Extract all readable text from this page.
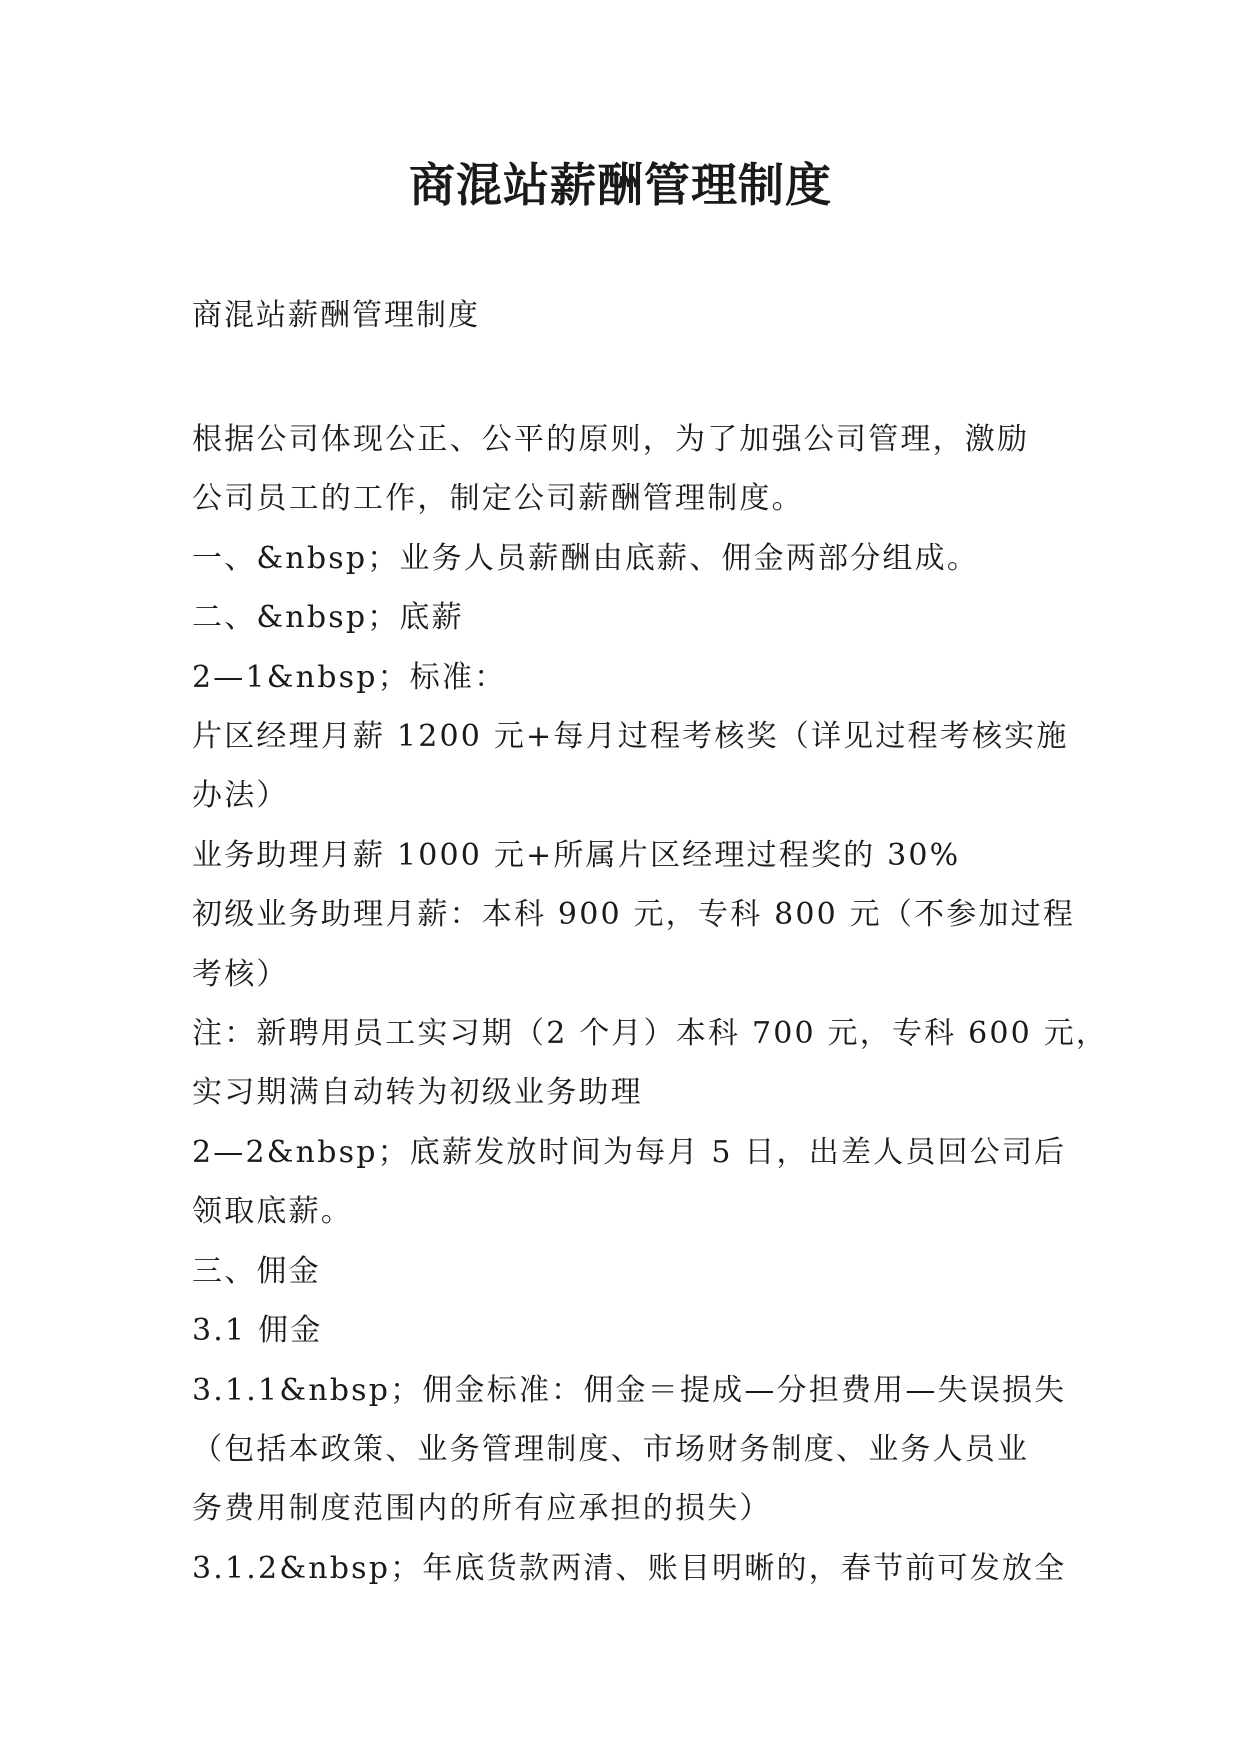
商混站薪酬管理制度

商混站薪酬管理制度

根据公司体现公正、公平的原则，为了加强公司管理，激励

公司员工的工作，制定公司薪酬管理制度。

一、&nbsp；业务人员薪酬由底薪、佣金两部分组成。

二、&nbsp；底薪

2—1&nbsp；标准：

片区经理月薪 1200 元+每月过程考核奖（详见过程考核实施

办法）

业务助理月薪 1000 元+所属片区经理过程奖的 30%

初级业务助理月薪：本科 900 元，专科 800 元（不参加过程

考核）

注：新聘用员工实习期（2 个月）本科 700 元，专科 600 元，

实习期满自动转为初级业务助理

2—2&nbsp；底薪发放时间为每月 5 日，出差人员回公司后

领取底薪。

三、佣金

3.1 佣金

3.1.1&nbsp；佣金标准：佣金＝提成—分担费用—失误损失

（包括本政策、业务管理制度、市场财务制度、业务人员业

务费用制度范围内的所有应承担的损失）

3.1.2&nbsp；年底货款两清、账目明晰的，春节前可发放全
